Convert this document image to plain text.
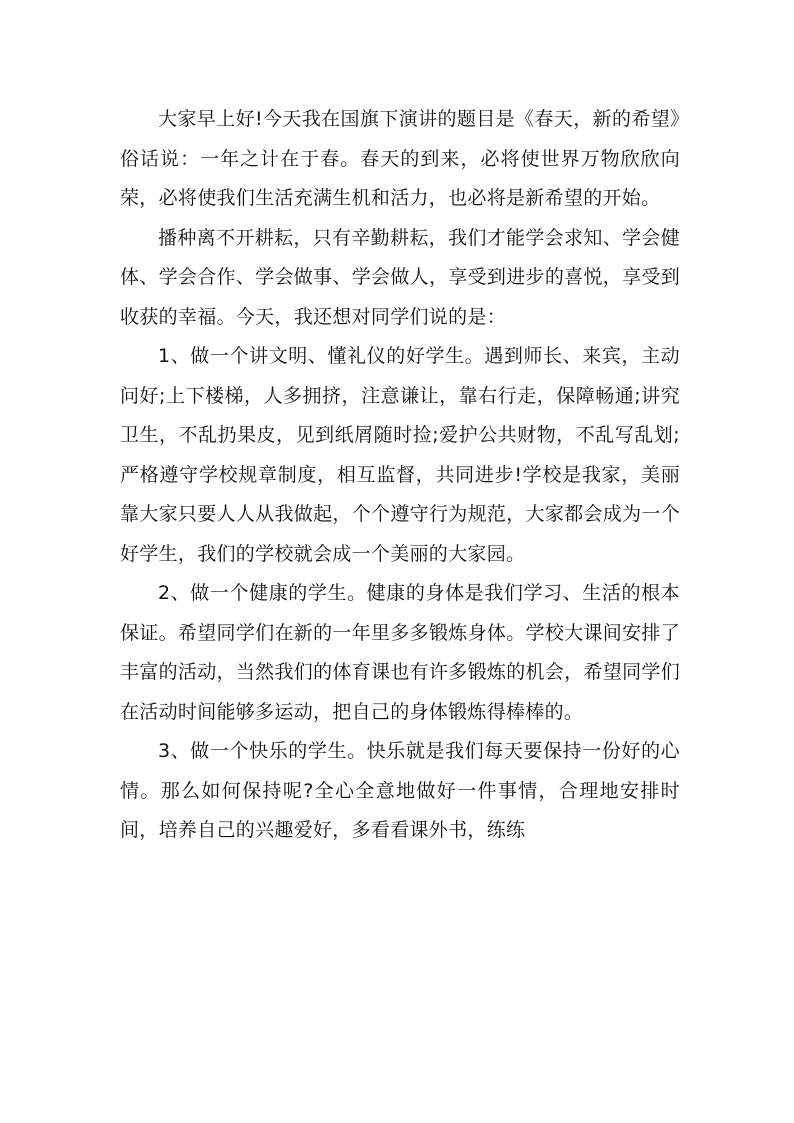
大家早上好!今天我在国旗下演讲的题目是《春天，新的希望》俗话说：一年之计在于春。春天的到来，必将使世界万物欣欣向荣，必将使我们生活充满生机和活力，也必将是新希望的开始。

播种离不开耕耘，只有辛勤耕耘，我们才能学会求知、学会健体、学会合作、学会做事、学会做人，享受到进步的喜悦，享受到收获的幸福。今天，我还想对同学们说的是：

1、做一个讲文明、懂礼仪的好学生。遇到师长、来宾，主动问好;上下楼梯，人多拥挤，注意谦让，靠右行走，保障畅通;讲究卫生，不乱扔果皮，见到纸屑随时捡;爱护公共财物，不乱写乱划;严格遵守学校规章制度，相互监督，共同进步!学校是我家，美丽靠大家只要人人从我做起，个个遵守行为规范，大家都会成为一个好学生，我们的学校就会成一个美丽的大家园。

2、做一个健康的学生。健康的身体是我们学习、生活的根本保证。希望同学们在新的一年里多多锻炼身体。学校大课间安排了丰富的活动，当然我们的体育课也有许多锻炼的机会，希望同学们在活动时间能够多运动，把自己的身体锻炼得棒棒的。

3、做一个快乐的学生。快乐就是我们每天要保持一份好的心情。那么如何保持呢?全心全意地做好一件事情，合理地安排时间，培养自己的兴趣爱好，多看看课外书，练练
